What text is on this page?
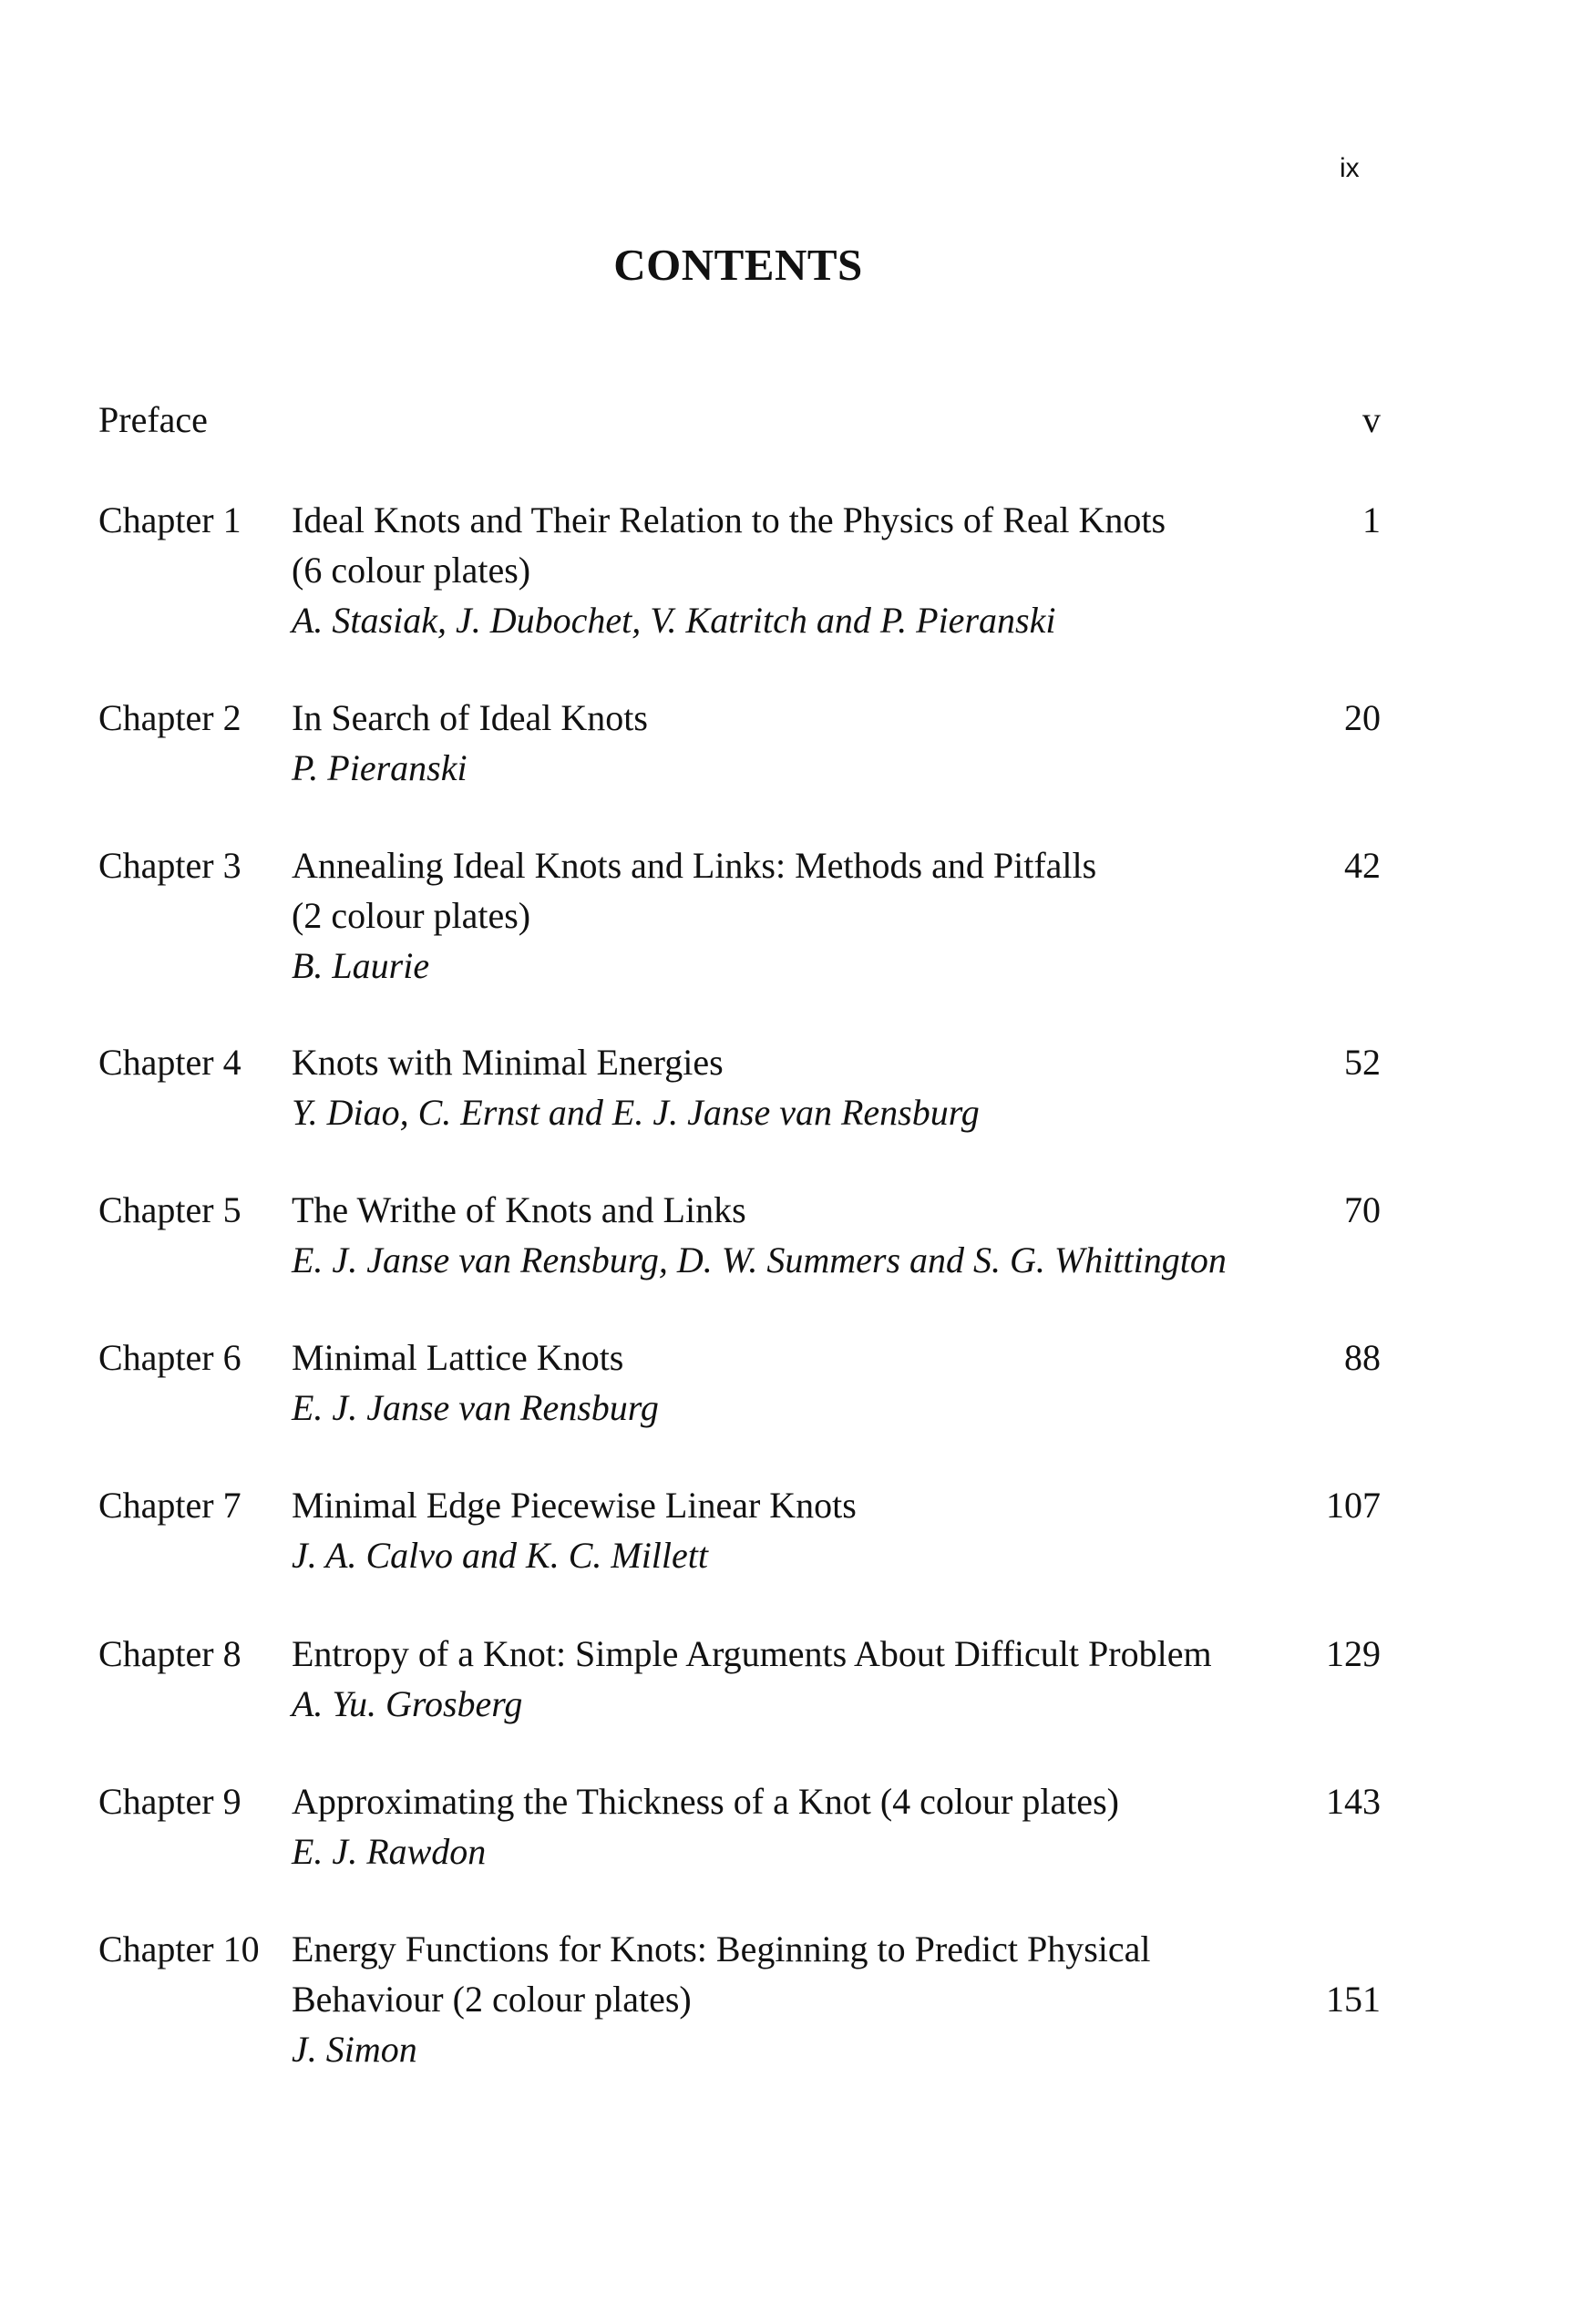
ix
CONTENTS
Preface	v
Chapter 1 Ideal Knots and Their Relation to the Physics of Real Knots
(6 colour plates)
A. Stasiak, J. Dubochet, V. Katritch and P. Pieranski
1
Chapter 2 In Search of Ideal Knots
P. Pieranski
20
Chapter 3 Annealing Ideal Knots and Links: Methods and Pitfalls
(2 colour plates)
B. Laurie
42
Chapter 4 Knots with Minimal Energies
Y. Diao, C. Ernst and E. J. Janse van Rensburg
52
Chapter 5 The Writhe of Knots and Links
E. J. Janse van Rensburg, D. W. Summers and S. G. Whittington
70
Chapter 6 Minimal Lattice Knots
E. J. Janse van Rensburg
88
Chapter 7 Minimal Edge Piecewise Linear Knots
J. A. Calvo and K. C. Millett
107
Chapter 8 Entropy of a Knot: Simple Arguments About Difficult Problem
A. Yu. Grosberg
129
Chapter 9 Approximating the Thickness of a Knot (4 colour plates)
E. J. Rawdon
143
Chapter 10 Energy Functions for Knots: Beginning to Predict Physical
Behaviour (2 colour plates)
J. Simon
151
